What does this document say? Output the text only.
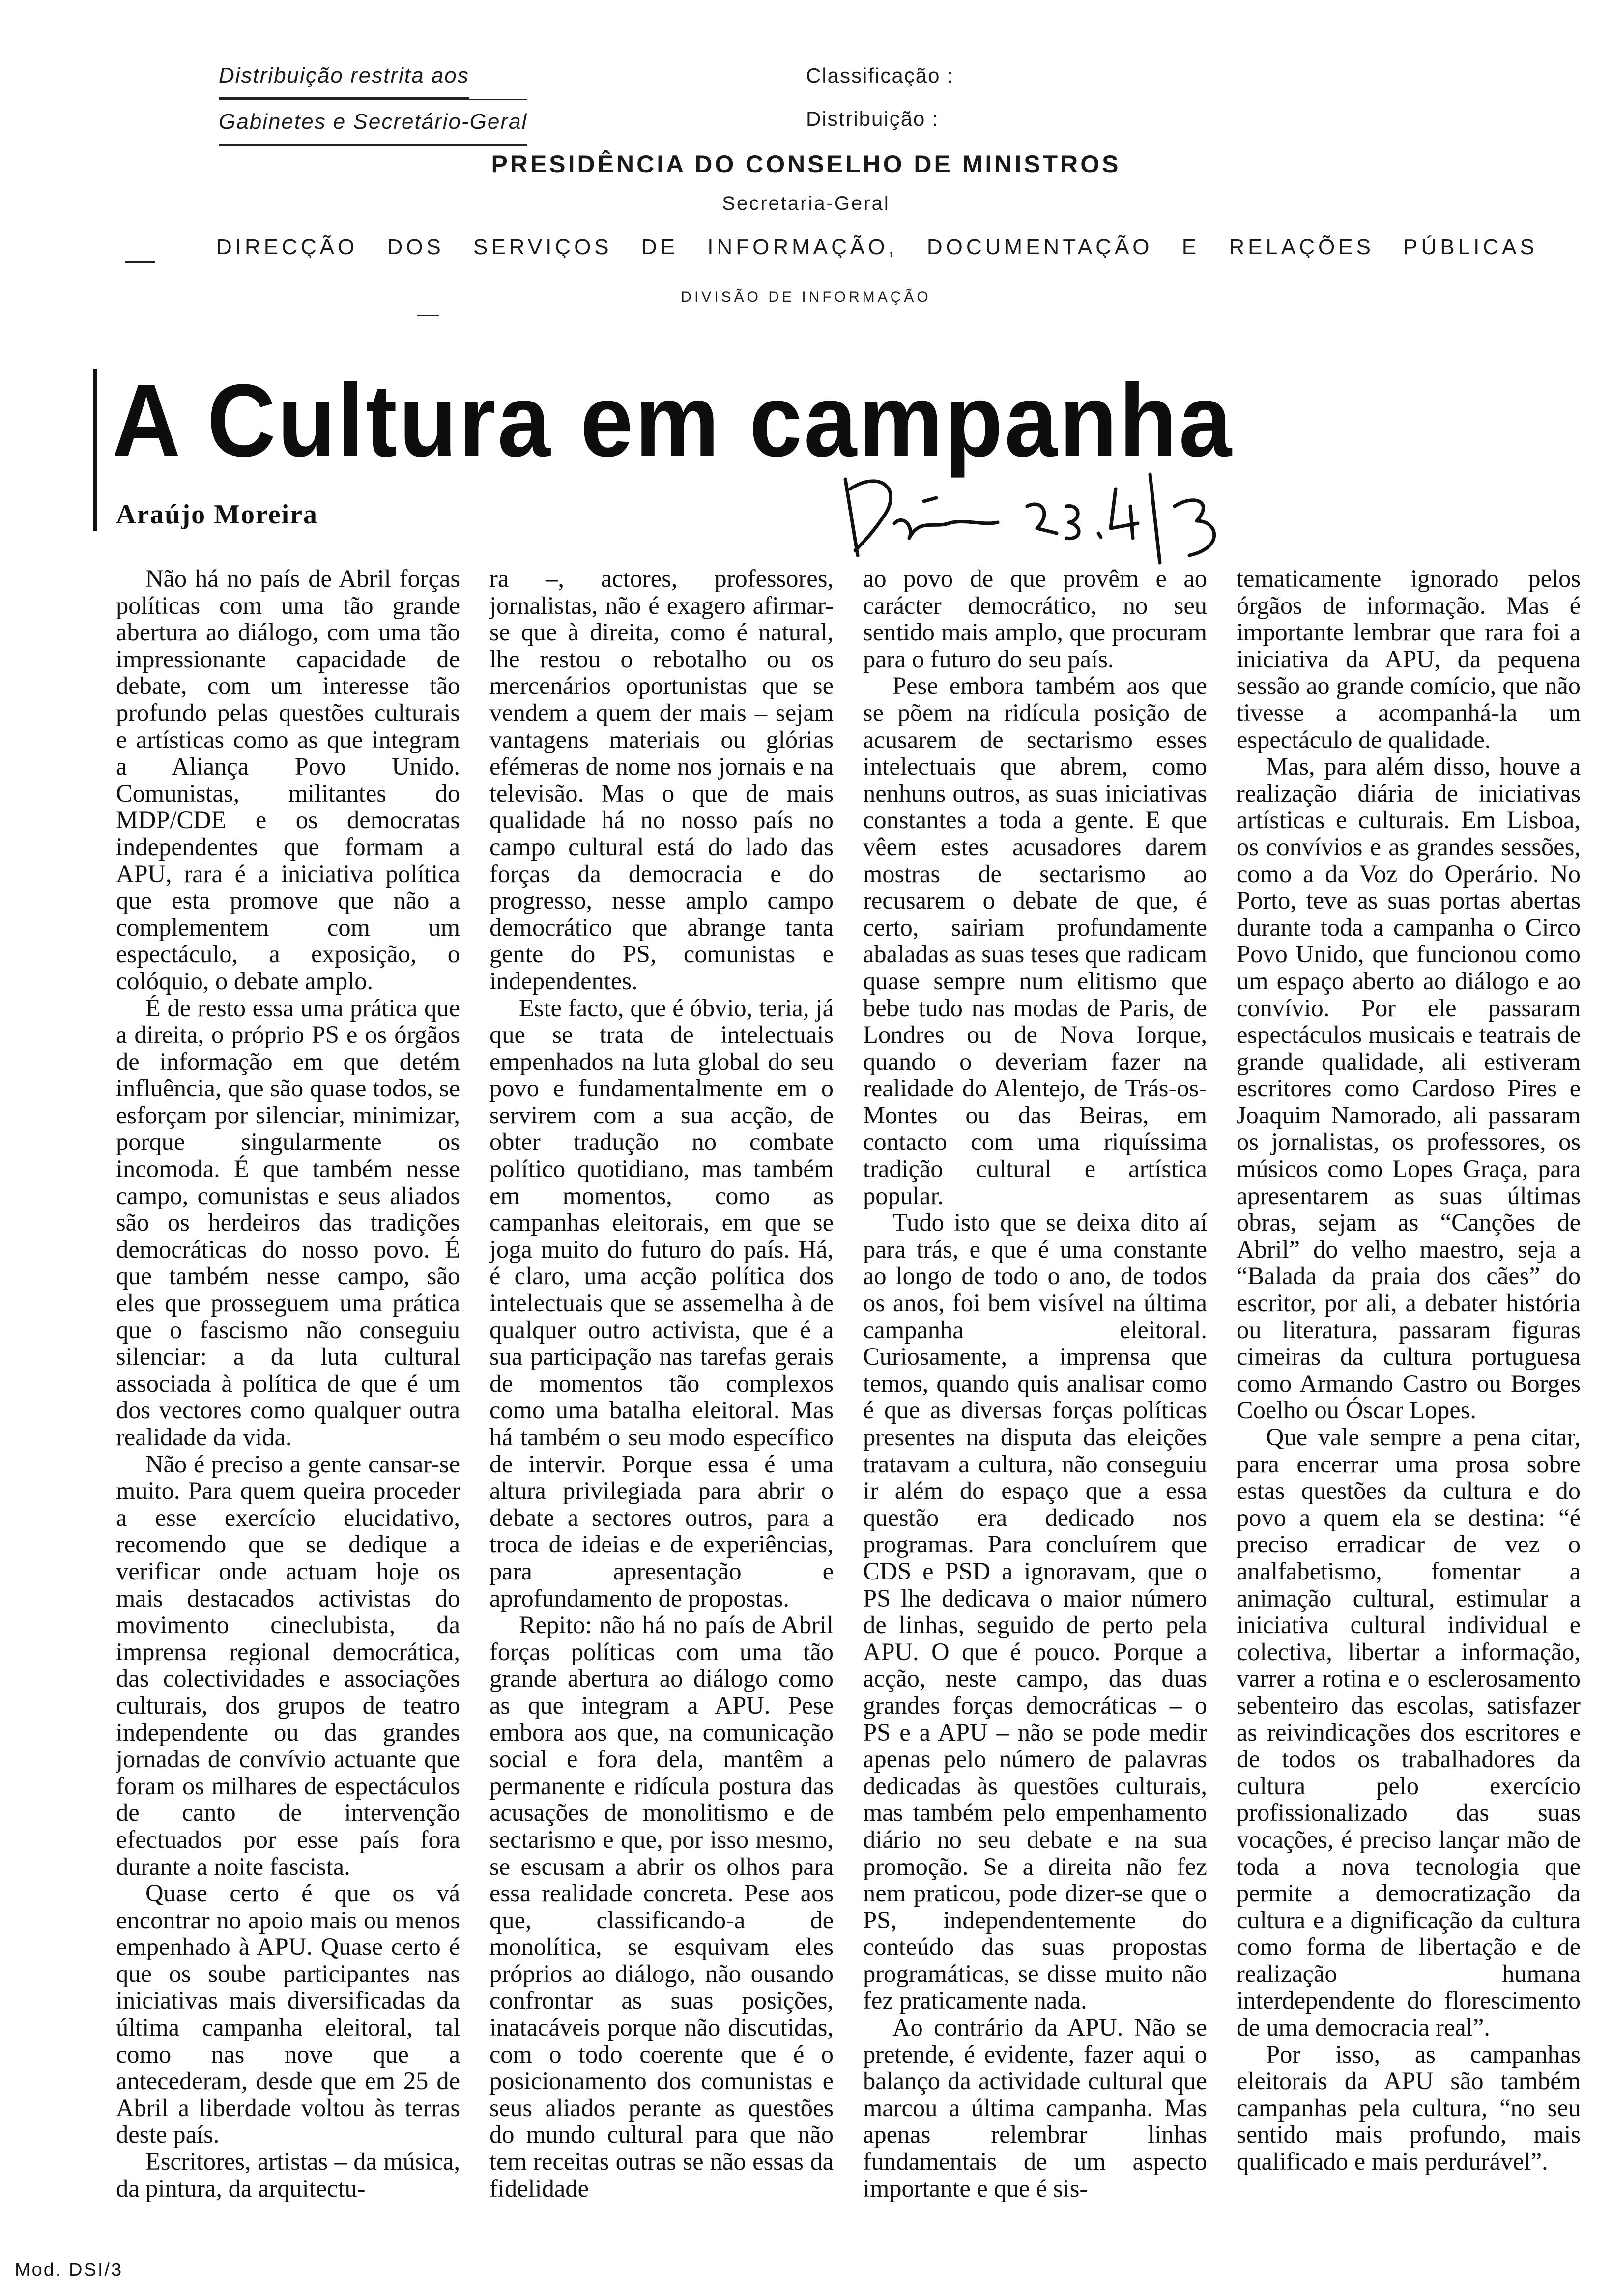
Distribuição restrita aos
Gabinetes e Secretário-Geral
Classificação :
Distribuição :
PRESIDÊNCIA DO CONSELHO DE MINISTROS
Secretaria-Geral
DIRECÇÃO DOS SERVIÇOS DE INFORMAÇÃO, DOCUMENTAÇÃO E RELAÇÕES PÚBLICAS
DIVISÃO DE INFORMAÇÃO
A Cultura em campanha
Araújo Moreira

Não há no país de Abril forças políticas com uma tão grande abertura ao diálogo, com uma tão impressionante capacidade de debate, com um interesse tão profundo pelas questões culturais e artísticas como as que integram a Aliança Povo Unido. Comunistas, militantes do MDP/CDE e os democratas independentes que formam a APU, rara é a iniciativa política que esta promove que não a complementem com um espectáculo, a exposição, o colóquio, o debate amplo.

É de resto essa uma prática que a direita, o próprio PS e os órgãos de informação em que detém influência, que são quase todos, se esforçam por silenciar, minimizar, porque singularmente os incomoda. É que também nesse campo, comunistas e seus aliados são os herdeiros das tradições democráticas do nosso povo. É que também nesse campo, são eles que prosseguem uma prática que o fascismo não conseguiu silenciar: a da luta cultural associada à política de que é um dos vectores como qualquer outra realidade da vida.

Não é preciso a gente cansar-se muito. Para quem queira proceder a esse exercício elucidativo, recomendo que se dedique a verificar onde actuam hoje os mais destacados activistas do movimento cineclubista, da imprensa regional democrática, das colectividades e associações culturais, dos grupos de teatro independente ou das grandes jornadas de convívio actuante que foram os milhares de espectáculos de canto de intervenção efectuados por esse país fora durante a noite fascista.

Quase certo é que os vá encontrar no apoio mais ou menos empenhado à APU. Quase certo é que os soube participantes nas iniciativas mais diversificadas da última campanha eleitoral, tal como nas nove que a antecederam, desde que em 25 de Abril a liberdade voltou às terras deste país.

Escritores, artistas – da música, da pintura, da arquitectu-

ra –, actores, professores, jornalistas, não é exagero afirmar-se que à direita, como é natural, lhe restou o rebotalho ou os mercenários oportunistas que se vendem a quem der mais – sejam vantagens materiais ou glórias efémeras de nome nos jornais e na televisão. Mas o que de mais qualidade há no nosso país no campo cultural está do lado das forças da democracia e do progresso, nesse amplo campo democrático que abrange tanta gente do PS, comunistas e independentes.

Este facto, que é óbvio, teria, já que se trata de intelectuais empenhados na luta global do seu povo e fundamentalmente em o servirem com a sua acção, de obter tradução no combate político quotidiano, mas também em momentos, como as campanhas eleitorais, em que se joga muito do futuro do país. Há, é claro, uma acção política dos intelectuais que se assemelha à de qualquer outro activista, que é a sua participação nas tarefas gerais de momentos tão complexos como uma batalha eleitoral. Mas há também o seu modo específico de intervir. Porque essa é uma altura privilegiada para abrir o debate a sectores outros, para a troca de ideias e de experiências, para apresentação e aprofundamento de propostas.

Repito: não há no país de Abril forças políticas com uma tão grande abertura ao diálogo como as que integram a APU. Pese embora aos que, na comunicação social e fora dela, mantêm a permanente e ridícula postura das acusações de monolitismo e de sectarismo e que, por isso mesmo, se escusam a abrir os olhos para essa realidade concreta. Pese aos que, classificando-a de monolítica, se esquivam eles próprios ao diálogo, não ousando confrontar as suas posições, inatacáveis porque não discutidas, com o todo coerente que é o posicionamento dos comunistas e seus aliados perante as questões do mundo cultural para que não tem receitas outras se não essas da fidelidade

ao povo de que provêm e ao carácter democrático, no seu sentido mais amplo, que procuram para o futuro do seu país.

Pese embora também aos que se põem na ridícula posição de acusarem de sectarismo esses intelectuais que abrem, como nenhuns outros, as suas iniciativas constantes a toda a gente. E que vêem estes acusadores darem mostras de sectarismo ao recusarem o debate de que, é certo, sairiam profundamente abaladas as suas teses que radicam quase sempre num elitismo que bebe tudo nas modas de Paris, de Londres ou de Nova Iorque, quando o deveriam fazer na realidade do Alentejo, de Trás-os-Montes ou das Beiras, em contacto com uma riquíssima tradição cultural e artística popular.

Tudo isto que se deixa dito aí para trás, e que é uma constante ao longo de todo o ano, de todos os anos, foi bem visível na última campanha eleitoral. Curiosamente, a imprensa que temos, quando quis analisar como é que as diversas forças políticas presentes na disputa das eleições tratavam a cultura, não conseguiu ir além do espaço que a essa questão era dedicado nos programas. Para concluírem que CDS e PSD a ignoravam, que o PS lhe dedicava o maior número de linhas, seguido de perto pela APU. O que é pouco. Porque a acção, neste campo, das duas grandes forças democráticas – o PS e a APU – não se pode medir apenas pelo número de palavras dedicadas às questões culturais, mas também pelo empenhamento diário no seu debate e na sua promoção. Se a direita não fez nem praticou, pode dizer-se que o PS, independentemente do conteúdo das suas propostas programáticas, se disse muito não fez praticamente nada.

Ao contrário da APU. Não se pretende, é evidente, fazer aqui o balanço da actividade cultural que marcou a última campanha. Mas apenas relembrar linhas fundamentais de um aspecto importante e que é sis-

tematicamente ignorado pelos órgãos de informação. Mas é importante lembrar que rara foi a iniciativa da APU, da pequena sessão ao grande comício, que não tivesse a acompanhá-la um espectáculo de qualidade.

Mas, para além disso, houve a realização diária de iniciativas artísticas e culturais. Em Lisboa, os convívios e as grandes sessões, como a da Voz do Operário. No Porto, teve as suas portas abertas durante toda a campanha o Circo Povo Unido, que funcionou como um espaço aberto ao diálogo e ao convívio. Por ele passaram espectáculos musicais e teatrais de grande qualidade, ali estiveram escritores como Cardoso Pires e Joaquim Namorado, ali passaram os jornalistas, os professores, os músicos como Lopes Graça, para apresentarem as suas últimas obras, sejam as “Canções de Abril” do velho maestro, seja a “Balada da praia dos cães” do escritor, por ali, a debater história ou literatura, passaram figuras cimeiras da cultura portuguesa como Armando Castro ou Borges Coelho ou Óscar Lopes.

Que vale sempre a pena citar, para encerrar uma prosa sobre estas questões da cultura e do povo a quem ela se destina: “é preciso erradicar de vez o analfabetismo, fomentar a animação cultural, estimular a iniciativa cultural individual e colectiva, libertar a informação, varrer a rotina e o esclerosamento sebenteiro das escolas, satisfazer as reivindicações dos escritores e de todos os trabalhadores da cultura pelo exercício profissionalizado das suas vocações, é preciso lançar mão de toda a nova tecnologia que permite a democratização da cultura e a dignificação da cultura como forma de libertação e de realização humana interdependente do florescimento de uma democracia real”.

Por isso, as campanhas eleitorais da APU são também campanhas pela cultura, “no seu sentido mais profundo, mais qualificado e mais perdurável”.

Mod. DSI/3
